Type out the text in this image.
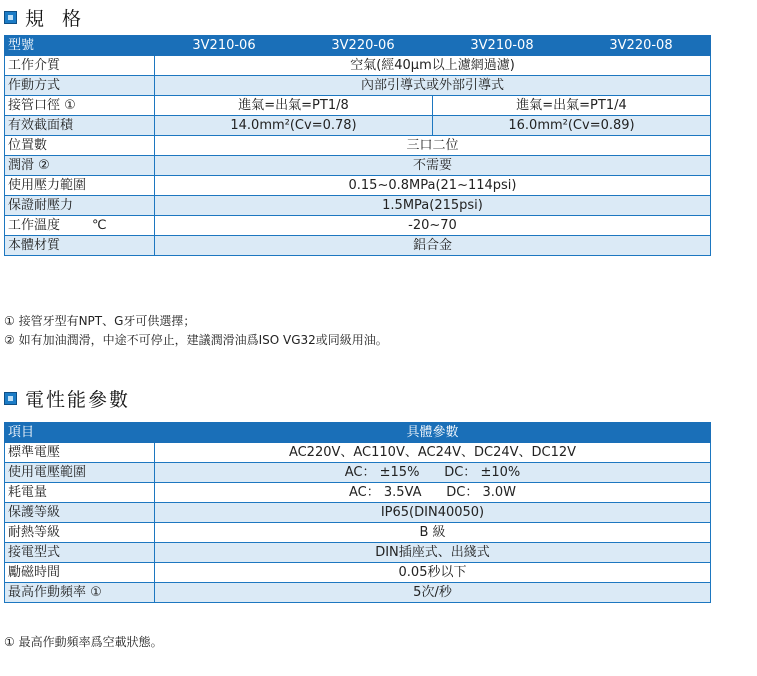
規 格
型號	3V210-06	3V220-06	3V210-08	3V220-08
工作介質	空氣(經40μm以上濾網過濾)			
作動方式	內部引導式或外部引導式			
接管口徑 ①	進氣=出氣=PT1/8		進氣=出氣=PT1/4	
有效截面積	14.0mm²(Cv=0.78)		16.0mm²(Cv=0.89)	
位置數	三口二位			
潤滑 ②	不需要			
使用壓力範圍	0.15~0.8MPa(21~114psi)			
保證耐壓力	1.5MPa(215psi)			
工作溫度 ℃	-20~70			
本體材質	鋁合金			
① 接管牙型有NPT、G牙可供選擇；
② 如有加油潤滑，中途不可停止，建議潤滑油爲ISO VG32或同級用油。
電性能參數
項目	具體參數
標準電壓	AC220V、AC110V、AC24V、DC24V、DC12V
使用電壓範圍	AC： ±15%      DC： ±10%
耗電量	AC： 3.5VA      DC： 3.0W
保護等級	IP65(DIN40050)
耐熱等級	B 級
接電型式	DIN插座式、出綫式
勵磁時間	0.05秒以下
最高作動頻率 ①	5次/秒
① 最高作動頻率爲空載狀態。
